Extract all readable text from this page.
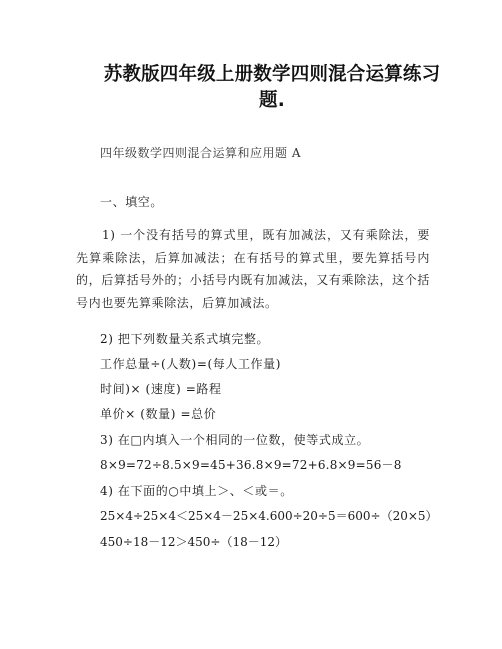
苏教版四年级上册数学四则混合运算练习题.
四年级数学四则混合运算和应用题 A
一、填空。
1) 一个没有括号的算式里，既有加减法，又有乘除法，要先算乘除法，后算加减法；在有括号的算式里，要先算括号内的，后算括号外的；小括号内既有加减法，又有乘除法，这个括号内也要先算乘除法，后算加减法。
2) 把下列数量关系式填完整。
工作总量÷(人数)=(每人工作量)
时间)× (速度) =路程
单价× (数量) =总价
3) 在□内填入一个相同的一位数，使等式成立。
8×9=72÷8.5×9=45+36.8×9=72+6.8×9=56－8
4) 在下面的○中填上＞、＜或＝。
25×4÷25×4＜25×4－25×4.600÷20÷5＝600÷（20×5）
450÷18－12＞450÷（18－12）
